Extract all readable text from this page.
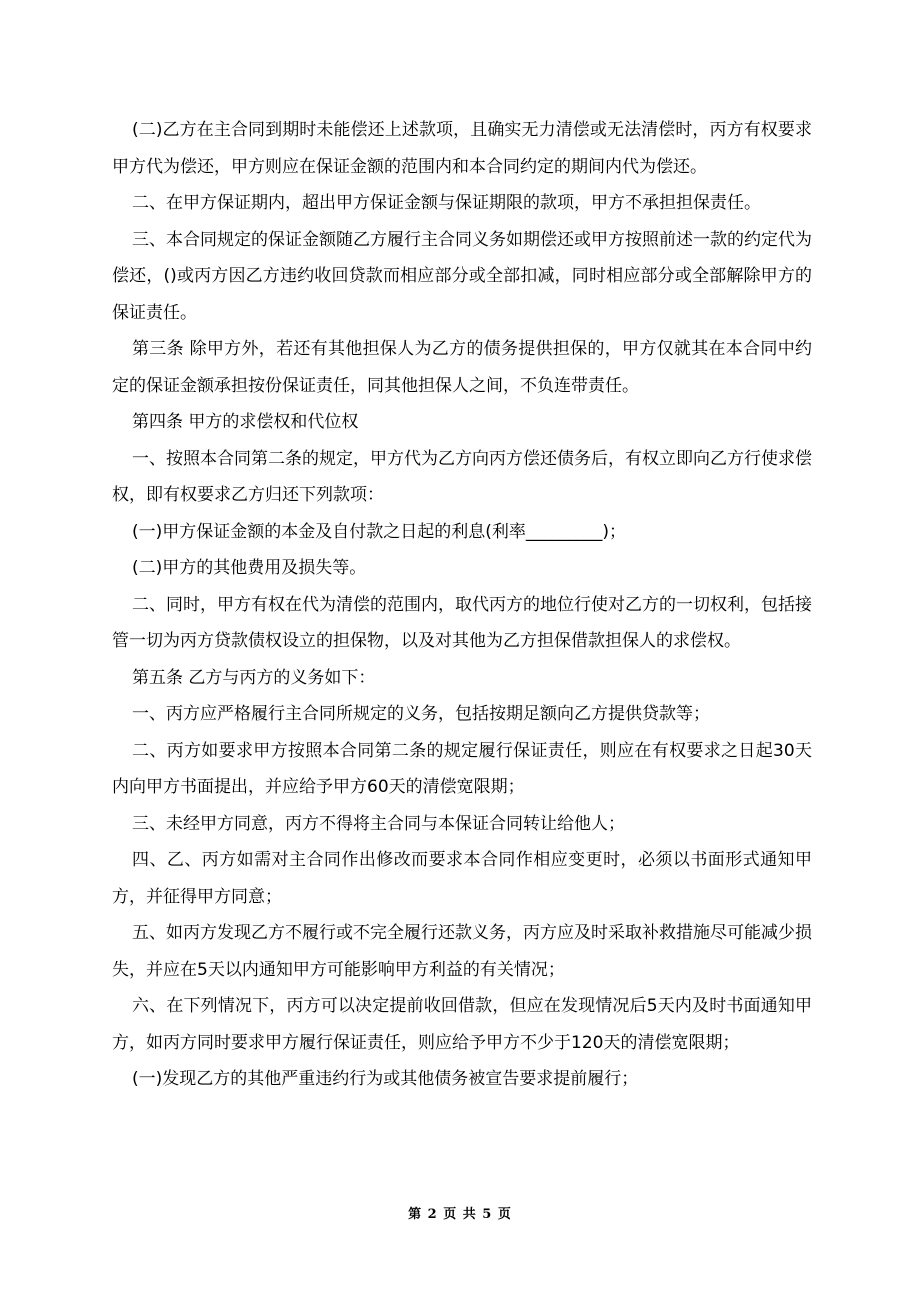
(二)乙方在主合同到期时未能偿还上述款项，且确实无力清偿或无法清偿时，丙方有权要求甲方代为偿还，甲方则应在保证金额的范围内和本合同约定的期间内代为偿还。

二、在甲方保证期内，超出甲方保证金额与保证期限的款项，甲方不承担担保责任。

三、本合同规定的保证金额随乙方履行主合同义务如期偿还或甲方按照前述一款的约定代为偿还，()或丙方因乙方违约收回贷款而相应部分或全部扣减，同时相应部分或全部解除甲方的保证责任。

第三条 除甲方外，若还有其他担保人为乙方的债务提供担保的，甲方仅就其在本合同中约定的保证金额承担按份保证责任，同其他担保人之间，不负连带责任。

第四条 甲方的求偿权和代位权

一、按照本合同第二条的规定，甲方代为乙方向丙方偿还债务后，有权立即向乙方行使求偿权，即有权要求乙方归还下列款项：

(一)甲方保证金额的本金及自付款之日起的利息(利率_________)；

(二)甲方的其他费用及损失等。

二、同时，甲方有权在代为清偿的范围内，取代丙方的地位行使对乙方的一切权利，包括接管一切为丙方贷款债权设立的担保物，以及对其他为乙方担保借款担保人的求偿权。

第五条 乙方与丙方的义务如下：

一、丙方应严格履行主合同所规定的义务，包括按期足额向乙方提供贷款等；

二、丙方如要求甲方按照本合同第二条的规定履行保证责任，则应在有权要求之日起30天内向甲方书面提出，并应给予甲方60天的清偿宽限期；

三、未经甲方同意，丙方不得将主合同与本保证合同转让给他人；

四、乙、丙方如需对主合同作出修改而要求本合同作相应变更时，必须以书面形式通知甲方，并征得甲方同意；

五、如丙方发现乙方不履行或不完全履行还款义务，丙方应及时采取补救措施尽可能减少损失，并应在5天以内通知甲方可能影响甲方利益的有关情况；

六、在下列情况下，丙方可以决定提前收回借款，但应在发现情况后5天内及时书面通知甲方，如丙方同时要求甲方履行保证责任，则应给予甲方不少于120天的清偿宽限期；

(一)发现乙方的其他严重违约行为或其他债务被宣告要求提前履行；

第 2 页 共 5 页
